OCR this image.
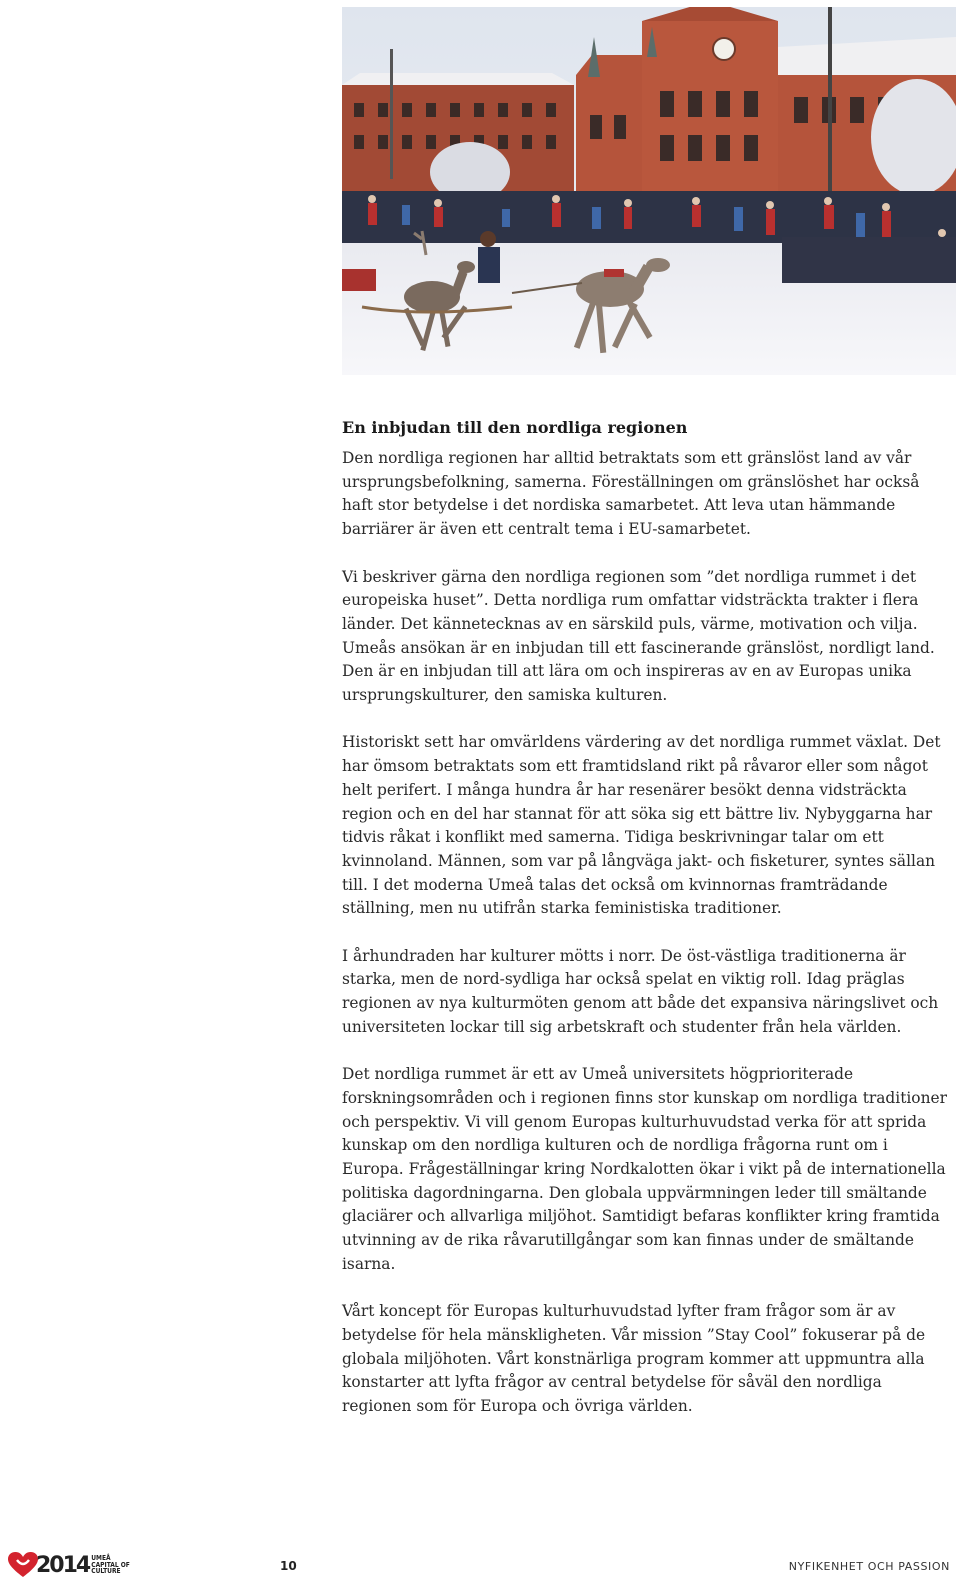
En inbjudan till den nordliga regionen

Den nordliga regionen har alltid betraktats som ett gränslöst land av vår ursprungsbefolkning, samerna. Föreställningen om gränslöshet har också haft stor betydelse i det nordiska samarbetet. Att leva utan hämmande barriärer är även ett centralt tema i EU-samarbetet.

Vi beskriver gärna den nordliga regionen som ”det nordliga rummet i det europeiska huset”. Detta nordliga rum omfattar vidsträckta trakter i flera länder. Det kännetecknas av en särskild puls, värme, motivation och vilja. Umeås ansökan är en inbjudan till ett fascinerande gränslöst, nordligt land. Den är en inbjudan till att lära om och inspireras av en av Europas unika ursprungskulturer, den samiska kulturen.

Historiskt sett har omvärldens värdering av det nordliga rummet växlat. Det har ömsom betraktats som ett framtidsland rikt på råvaror eller som något helt perifert. I många hundra år har resenärer besökt denna vidsträckta region och en del har stannat för att söka sig ett bättre liv. Nybyggarna har tidvis råkat i konflikt med samerna. Tidiga beskrivningar talar om ett kvinnoland. Männen, som var på långväga jakt- och fisketurer, syntes sällan till. I det moderna Umeå talas det också om kvinnornas framträdande ställning, men nu utifrån starka feministiska traditioner.

I århundraden har kulturer mötts i norr. De öst-västliga traditionerna är starka, men de nord-sydliga har också spelat en viktig roll. Idag präglas regionen av nya kulturmöten genom att både det expansiva näringslivet och universiteten lockar till sig arbetskraft och studenter från hela världen.

Det nordliga rummet är ett av Umeå universitets högprioriterade forskningsområden och i regionen finns stor kunskap om nordliga traditioner och perspektiv. Vi vill genom Europas kulturhuvudstad verka för att sprida kunskap om den nordliga kulturen och de nordliga frågorna runt om i Europa. Frågeställningar kring Nordkalotten ökar i vikt på de internationella politiska dagordningarna. Den globala uppvärmningen leder till smältande glaciärer och allvarliga miljöhot. Samtidigt befaras konflikter kring framtida utvinning av de rika råvarutillgångar som kan finnas under de smältande isarna.

Vårt koncept för Europas kulturhuvudstad lyfter fram frågor som är av betydelse för hela mänskligheten. Vår mission ”Stay Cool” fokuserar på de globala miljöhoten. Vårt konstnärliga program kommer att uppmuntra alla konstarter att lyfta frågor av central betydelse för såväl den nordliga regionen som för Europa och övriga världen.

2014 UMEÅ
CAPITAL OF
CULTURE	10	NYFIKENHET OCH PASSION
